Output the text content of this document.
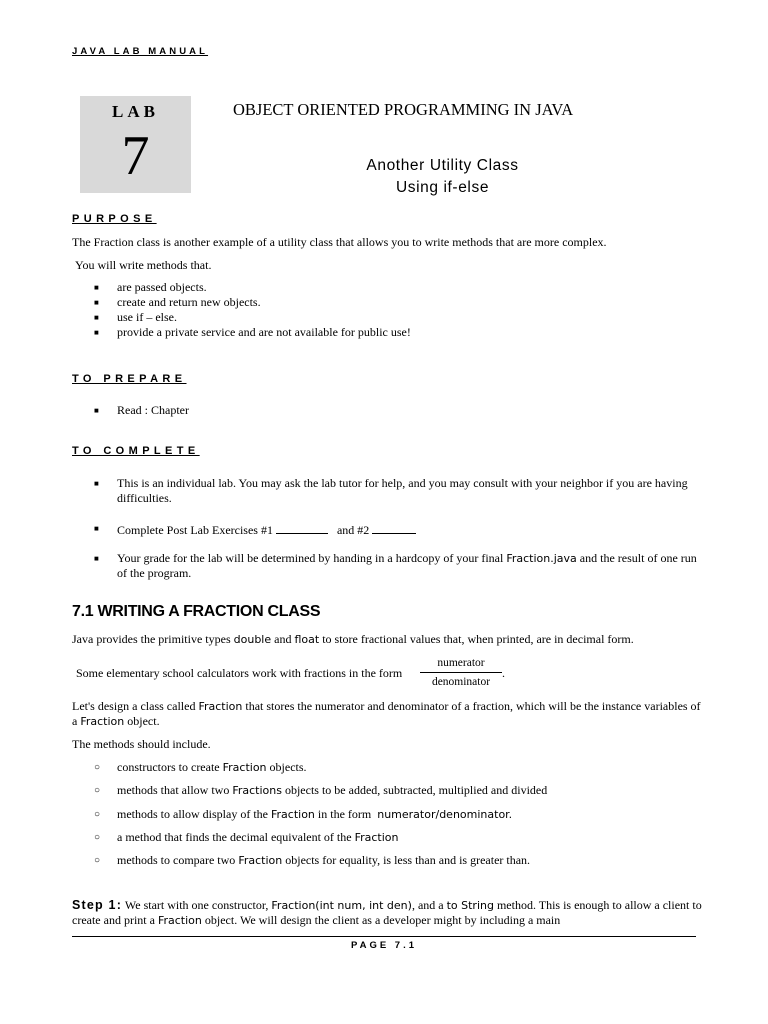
JAVA LAB MANUAL
LAB
7
OBJECT ORIENTED PROGRAMMING IN JAVA
Another Utility Class
Using if-else
PURPOSE
The Fraction class is another example of a utility class that allows you to write methods that are more complex.
You will write methods that.
■ are passed objects.
■ create and return new objects.
■ use if – else.
■ provide a private service and are not available for public use!
TO PREPARE
■ Read : Chapter
TO COMPLETE
■ This is an individual lab. You may ask the lab tutor for help, and you may consult with your neighbor if you are having difficulties.
■ Complete Post Lab Exercises #1	and #2
■ Your grade for the lab will be determined by handing in a hardcopy of your final Fraction.java and the result of one run of the program.
7.1 WRITING A FRACTION CLASS
Java provides the primitive types double and float to store fractional values that, when printed, are in decimal form.
Some elementary school calculators work with fractions in the form
numerator
denominator
.
Let's design a class called Fraction that stores the numerator and denominator of a fraction, which will be the instance variables of a Fraction object.
The methods should include.
○ constructors to create Fraction objects.
○ methods that allow two Fractions objects to be added, subtracted, multiplied and divided
○ methods to allow display of the Fraction in the form numerator/denominator.
○ a method that finds the decimal equivalent of the Fraction
○ methods to compare two Fraction objects for equality, is less than and is greater than.
Step 1: We start with one constructor, Fraction(int num, int den), and a to String method. This is enough to allow a client to create and print a Fraction object. We will design the client as a developer might by including a main
PAGE 7.1
